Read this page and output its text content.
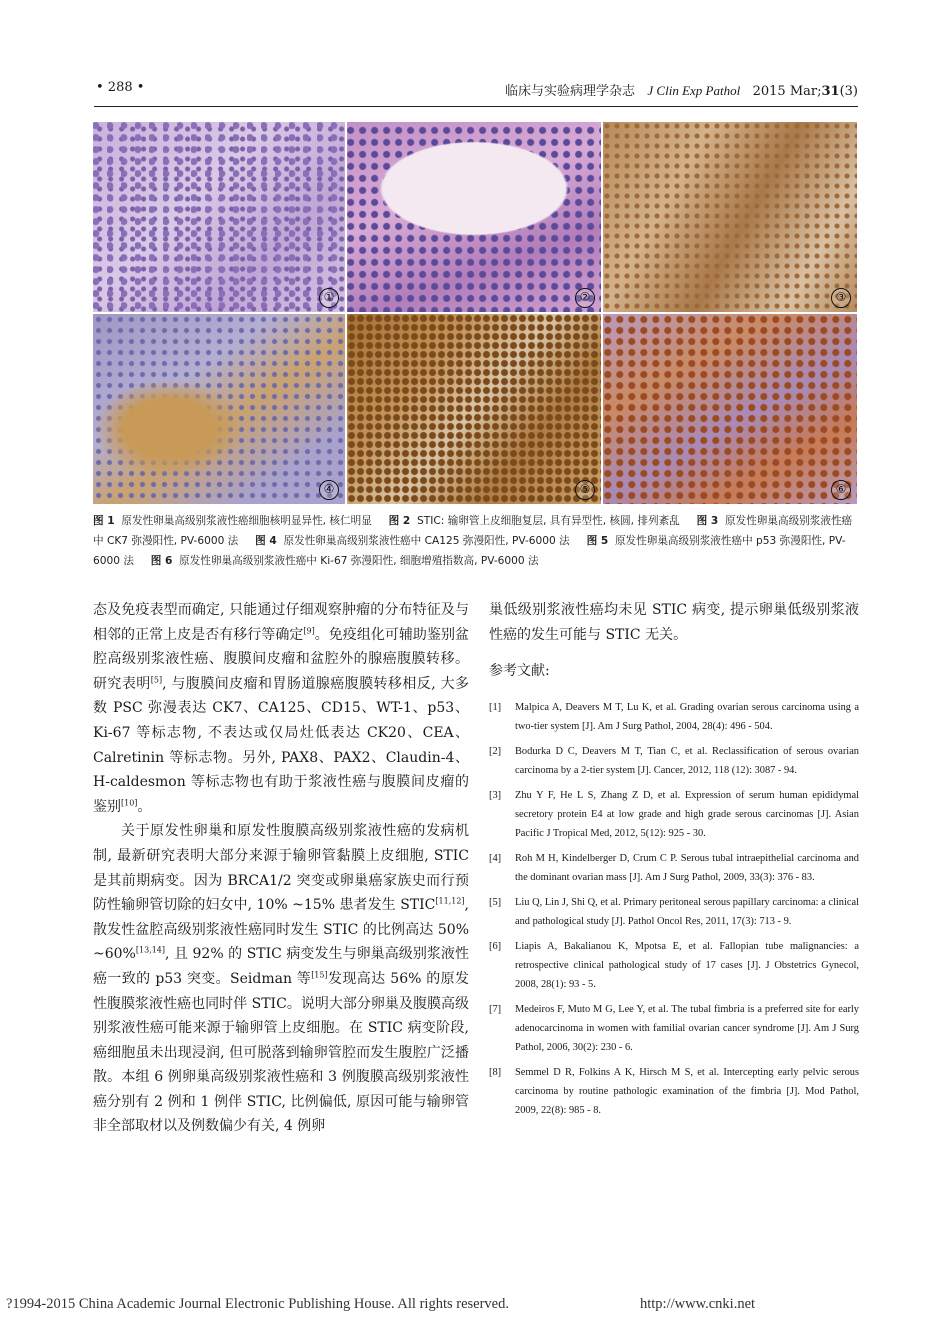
• 288 •	临床与实验病理学杂志 J Clin Exp Pathol 2015 Mar;31(3)
①	②	③
④	⑤	⑥
图 1 原发性卵巢高级别浆液性癌细胞核明显异性, 核仁明显 图 2 STIC: 输卵管上皮细胞复层, 具有异型性, 核圆, 排列紊乱 图 3 原发性卵巢高级别浆液性癌中 CK7 弥漫阳性, PV-6000 法 图 4 原发性卵巢高级别浆液性癌中 CA125 弥漫阳性, PV-6000 法 图 5 原发性卵巢高级别浆液性癌中 p53 弥漫阳性, PV-6000 法 图 6 原发性卵巢高级别浆液性癌中 Ki-67 弥漫阳性, 细胞增殖指数高, PV-6000 法

态及免疫表型而确定, 只能通过仔细观察肿瘤的分布特征及与相邻的正常上皮是否有移行等确定[9]。免疫组化可辅助鉴别盆腔高级别浆液性癌、腹膜间皮瘤和盆腔外的腺癌腹膜转移。研究表明[5], 与腹膜间皮瘤和胃肠道腺癌腹膜转移相反, 大多数 PSC 弥漫表达 CK7、CA125、CD15、WT-1、p53、Ki-67 等标志物, 不表达或仅局灶低表达 CK20、CEA、Calretinin 等标志物。另外, PAX8、PAX2、Claudin-4、H-caldesmon 等标志物也有助于浆液性癌与腹膜间皮瘤的鉴别[10]。

关于原发性卵巢和原发性腹膜高级别浆液性癌的发病机制, 最新研究表明大部分来源于输卵管黏膜上皮细胞, STIC 是其前期病变。因为 BRCA1/2 突变或卵巢癌家族史而行预防性输卵管切除的妇女中, 10% ~15% 患者发生 STIC[11,12], 散发性盆腔高级别浆液性癌同时发生 STIC 的比例高达 50% ~60%[13,14], 且 92% 的 STIC 病变发生与卵巢高级别浆液性癌一致的 p53 突变。Seidman 等[15]发现高达 56% 的原发性腹膜浆液性癌也同时伴 STIC。说明大部分卵巢及腹膜高级别浆液性癌可能来源于输卵管上皮细胞。在 STIC 病变阶段, 癌细胞虽未出现浸润, 但可脱落到输卵管腔而发生腹腔广泛播散。本组 6 例卵巢高级别浆液性癌和 3 例腹膜高级别浆液性癌分别有 2 例和 1 例伴 STIC, 比例偏低, 原因可能与输卵管非全部取材以及例数偏少有关, 4 例卵

巢低级别浆液性癌均未见 STIC 病变, 提示卵巢低级别浆液性癌的发生可能与 STIC 无关。

参考文献:
[1]	Malpica A, Deavers M T, Lu K, et al. Grading ovarian serous carcinoma using a two-tier system [J]. Am J Surg Pathol, 2004, 28(4): 496 - 504.
[2]	Bodurka D C, Deavers M T, Tian C, et al. Reclassification of serous ovarian carcinoma by a 2-tier system [J]. Cancer, 2012, 118 (12): 3087 - 94.
[3]	Zhu Y F, He L S, Zhang Z D, et al. Expression of serum human epididymal secretory protein E4 at low grade and high grade serous carcinomas [J]. Asian Pacific J Tropical Med, 2012, 5(12): 925 - 30.
[4]	Roh M H, Kindelberger D, Crum C P. Serous tubal intraepithelial carcinoma and the dominant ovarian mass [J]. Am J Surg Pathol, 2009, 33(3): 376 - 83.
[5]	Liu Q, Lin J, Shi Q, et al. Primary peritoneal serous papillary carcinoma: a clinical and pathological study [J]. Pathol Oncol Res, 2011, 17(3): 713 - 9.
[6]	Liapis A, Bakalianou K, Mpotsa E, et al. Fallopian tube malignancies: a retrospective clinical pathological study of 17 cases [J]. J Obstetrics Gynecol, 2008, 28(1): 93 - 5.
[7]	Medeiros F, Muto M G, Lee Y, et al. The tubal fimbria is a preferred site for early adenocarcinoma in women with familial ovarian cancer syndrome [J]. Am J Surg Pathol, 2006, 30(2): 230 - 6.
[8]	Semmel D R, Folkins A K, Hirsch M S, et al. Intercepting early pelvic serous carcinoma by routine pathologic examination of the fimbria [J]. Mod Pathol, 2009, 22(8): 985 - 8.
?1994-2015 China Academic Journal Electronic Publishing House. All rights reserved.	http://www.cnki.net
